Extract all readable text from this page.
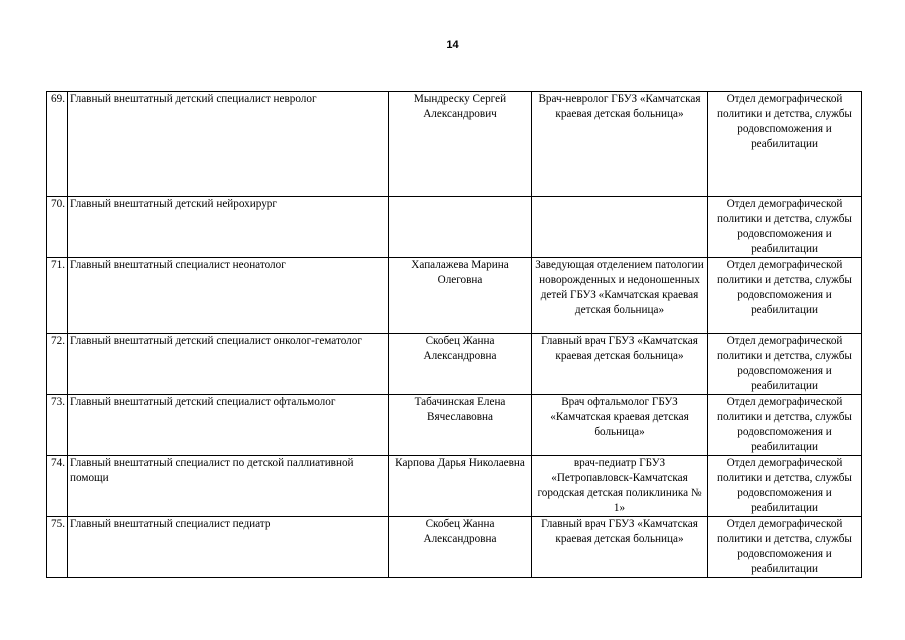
14
69.	Главный внештатный детский специалист невролог	Мындреску Сергей Александрович	Врач-невролог ГБУЗ «Камчатская краевая детская больница»	Отдел демографической политики и детства, службы родовспоможения и реабилитации
70.	Главный внештатный детский нейрохирург			Отдел демографической политики и детства, службы родовспоможения и реабилитации
71.	Главный внештатный специалист неонатолог	Хапалажева Марина Олеговна	Заведующая отделением патологии новорожденных и недоношенных детей ГБУЗ «Камчатская краевая детская больница»	Отдел демографической политики и детства, службы родовспоможения и реабилитации
72.	Главный внештатный детский специалист онколог-гематолог	Скобец Жанна Александровна	Главный врач ГБУЗ «Камчатская краевая детская больница»	Отдел демографической политики и детства, службы родовспоможения и реабилитации
73.	Главный внештатный детский специалист офтальмолог	Табачинская Елена Вячеславовна	Врач офтальмолог ГБУЗ «Камчатская краевая детская больница»	Отдел демографической политики и детства, службы родовспоможения и реабилитации
74.	Главный внештатный специалист по детской паллиативной помощи	Карпова Дарья Николаевна	врач-педиатр ГБУЗ «Петропавловск-Камчатская городская детская поликлиника № 1»	Отдел демографической политики и детства, службы родовспоможения и реабилитации
75.	Главный внештатный специалист педиатр	Скобец Жанна Александровна	Главный врач ГБУЗ «Камчатская краевая детская больница»	Отдел демографической политики и детства, службы родовспоможения и реабилитации
